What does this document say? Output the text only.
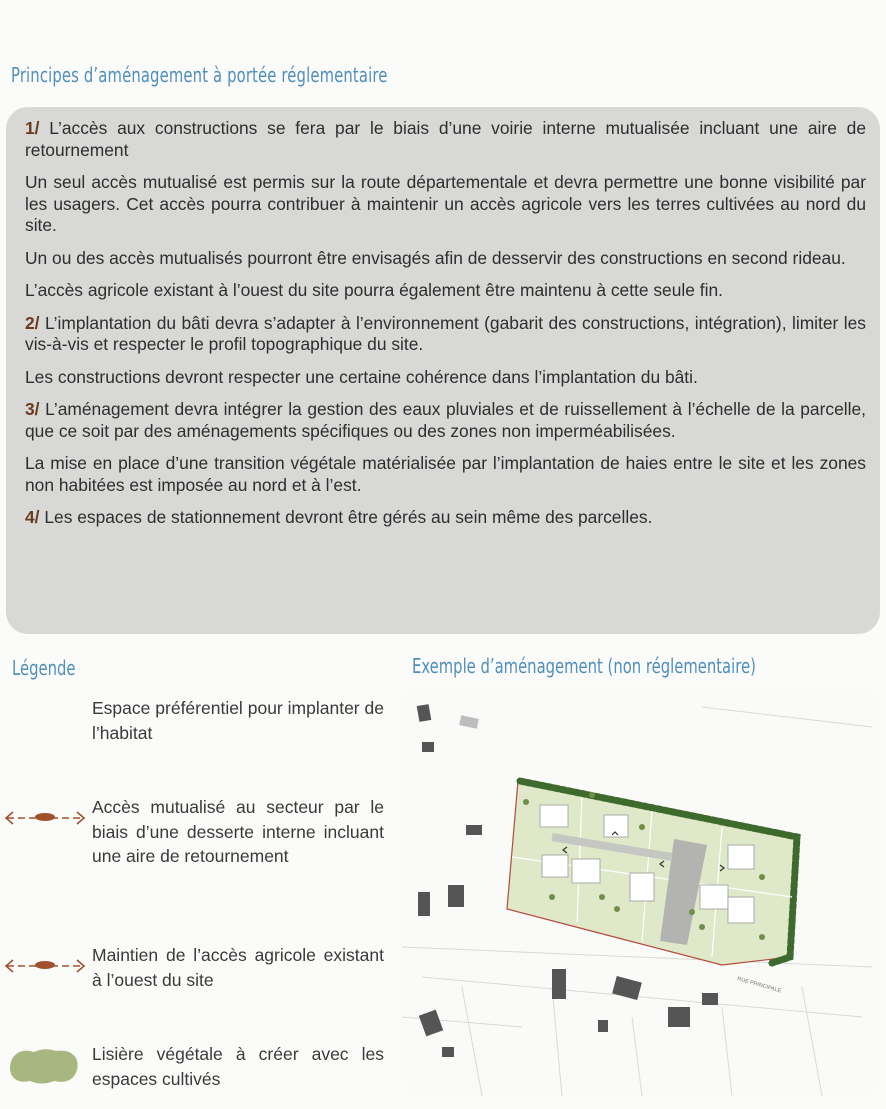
Principes d’aménagement à portée réglementaire

1/ L’accès aux constructions se fera par le biais d’une voirie interne mutualisée incluant une aire de retournement

Un seul accès mutualisé est permis sur la route départementale et devra permettre une bonne visibilité par les usagers. Cet accès pourra contribuer à maintenir un accès agricole vers les terres cultivées au nord du site.

Un ou des accès mutualisés pourront être envisagés afin de desservir des constructions en second rideau.

L’accès agricole existant à l’ouest du site pourra également être maintenu à cette seule fin.

2/ L’implantation du bâti devra s’adapter à l’environnement (gabarit des constructions, intégration), limiter les vis-à-vis et respecter le profil topographique du site.

Les constructions devront respecter une certaine cohérence dans l’implantation du bâti.

3/ L’aménagement devra intégrer la gestion des eaux pluviales et de ruissellement à l’échelle de la parcelle, que ce soit par des aménagements spécifiques ou des zones non imperméabilisées.

La mise en place d’une transition végétale matérialisée par l’implantation de haies entre le site et les zones non habitées est imposée au nord et à l’est.

4/ Les espaces de stationnement devront être gérés au sein même des parcelles.

Légende	Exemple d’aménagement (non réglementaire)
Espace préférentiel pour implanter de l’habitat
Accès mutualisé au secteur par le biais d’une desserte interne incluant une aire de retournement
Maintien de l’accès agricole existant à l’ouest du site
Lisière végétale à créer avec les espaces cultivés
RUE PRINCIPALE
